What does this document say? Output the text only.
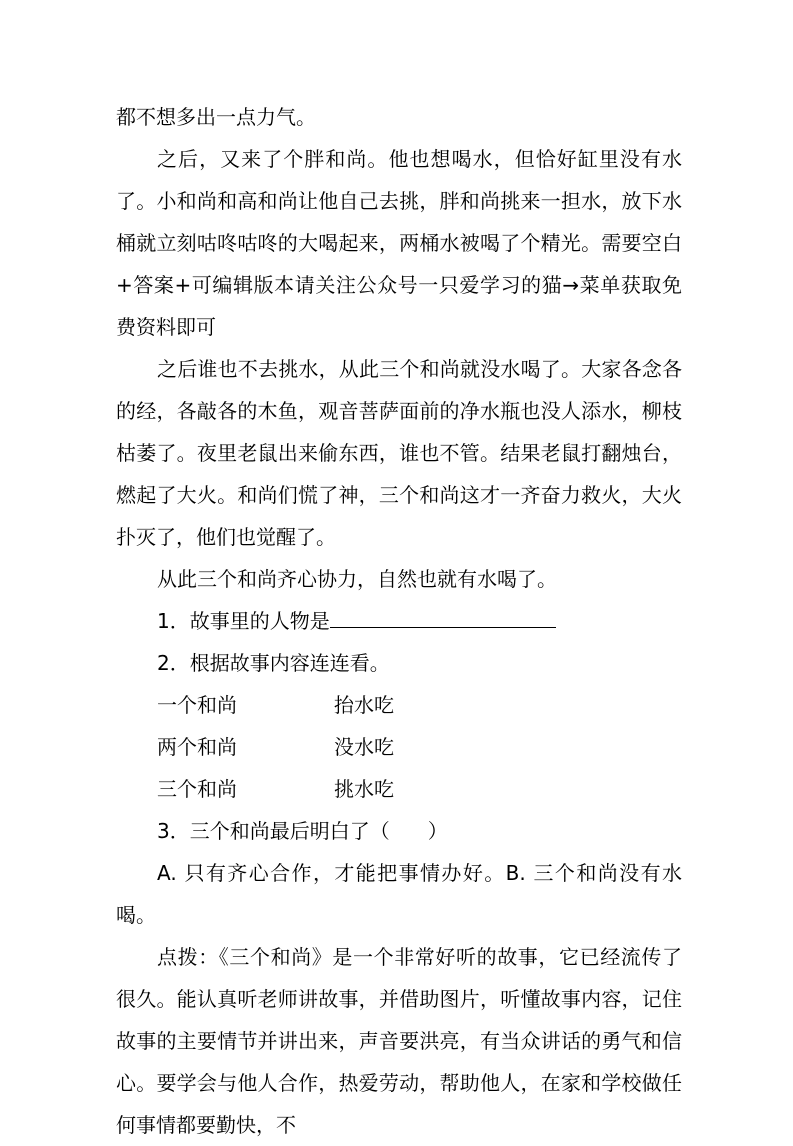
都不想多出一点力气。

之后，又来了个胖和尚。他也想喝水，但恰好缸里没有水了。小和尚和高和尚让他自己去挑，胖和尚挑来一担水，放下水桶就立刻咕咚咕咚的大喝起来，两桶水被喝了个精光。需要空白+答案+可编辑版本请关注公众号一只爱学习的猫→菜单获取免费资料即可

之后谁也不去挑水，从此三个和尚就没水喝了。大家各念各的经，各敲各的木鱼，观音菩萨面前的净水瓶也没人添水，柳枝枯萎了。夜里老鼠出来偷东西，谁也不管。结果老鼠打翻烛台，燃起了大火。和尚们慌了神，三个和尚这才一齐奋力救火，大火扑灭了，他们也觉醒了。

从此三个和尚齐心协力，自然也就有水喝了。

1．故事里的人物是

2．根据故事内容连连看。

一个和尚	抬水吃
两个和尚	没水吃
三个和尚	挑水吃

3．三个和尚最后明白了（ ）

A. 只有齐心合作，才能把事情办好。B. 三个和尚没有水喝。

点拨：《三个和尚》是一个非常好听的故事，它已经流传了很久。能认真听老师讲故事，并借助图片，听懂故事内容，记住故事的主要情节并讲出来，声音要洪亮，有当众讲话的勇气和信心。要学会与他人合作，热爱劳动，帮助他人，在家和学校做任何事情都要勤快，不
